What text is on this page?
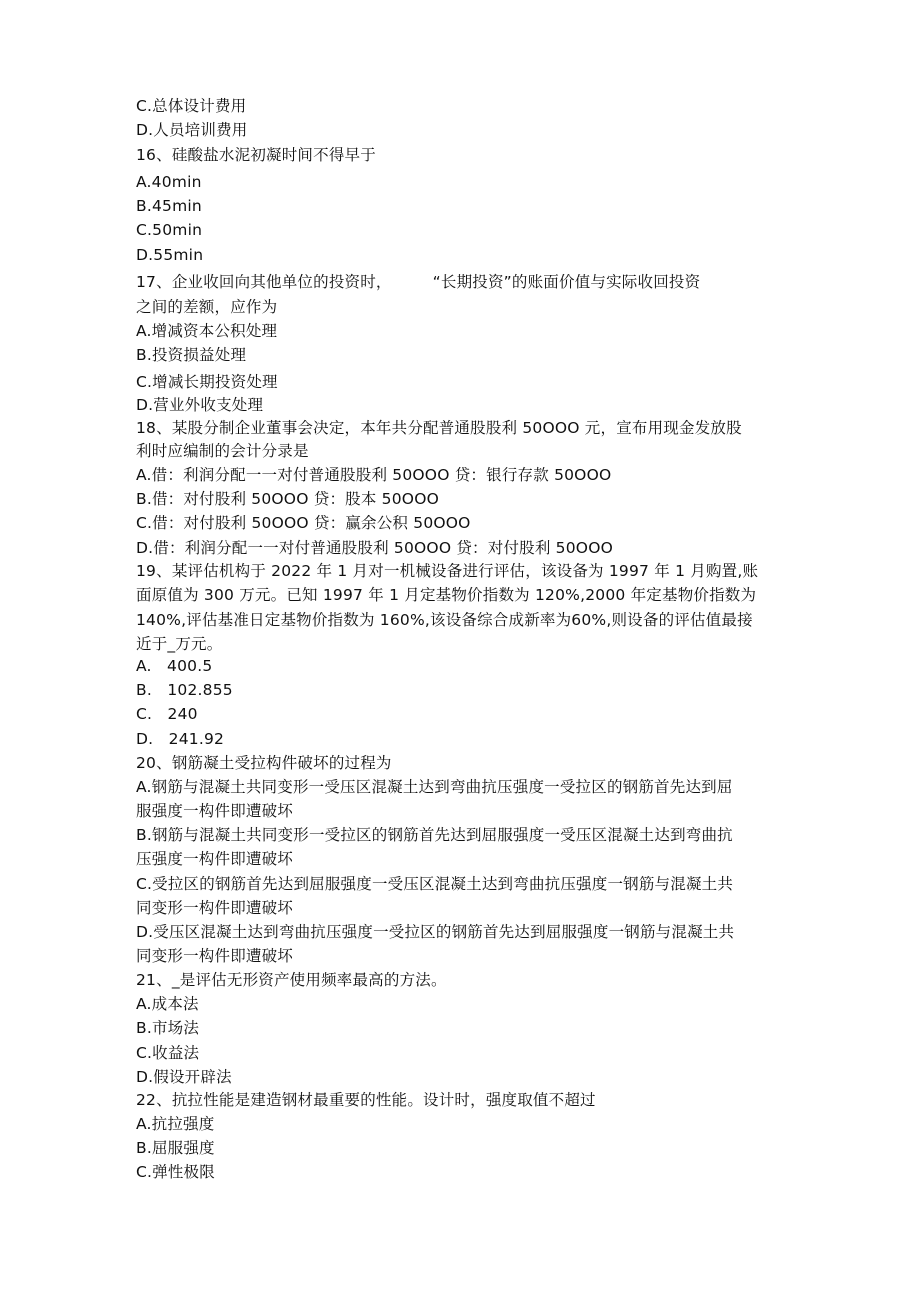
C.总体设计费用
D.人员培训费用
16、硅酸盐水泥初凝时间不得早于
A.40min
B.45min
C.50min
D.55min
17、企业收回向其他单位的投资时，        “长期投资”的账面价值与实际收回投资
之间的差额，应作为
A.增减资本公积处理
B.投资损益处理
C.增减长期投资处理
D.营业外收支处理
18、某股分制企业董事会决定，本年共分配普通股股利 50OOO 元，宣布用现金发放股
利时应编制的会计分录是
A.借：利润分配一一对付普通股股利 50OOO 贷：银行存款 50OOO
B.借：对付股利 50OOO 贷：股本 50OOO
C.借：对付股利 50OOO 贷：赢余公积 50OOO
D.借：利润分配一一对付普通股股利 50OOO 贷：对付股利 50OOO
19、某评估机构于 2022 年 1 月对一机械设备进行评估，该设备为 1997 年 1 月购置,账
面原值为 300 万元。已知 1997 年 1 月定基物价指数为 120%,2000 年定基物价指数为
140%,评估基准日定基物价指数为 160%,该设备综合成新率为60%,则设备的评估值最接
近于_万元。
A.   400.5
B.   102.855
C.   240
D.   241.92
20、钢筋凝土受拉构件破坏的过程为
A.钢筋与混凝土共同变形一受压区混凝土达到弯曲抗压强度一受拉区的钢筋首先达到屈
服强度一构件即遭破坏
B.钢筋与混凝土共同变形一受拉区的钢筋首先达到屈服强度一受压区混凝土达到弯曲抗
压强度一构件即遭破坏
C.受拉区的钢筋首先达到屈服强度一受压区混凝土达到弯曲抗压强度一钢筋与混凝土共
同变形一构件即遭破坏
D.受压区混凝土达到弯曲抗压强度一受拉区的钢筋首先达到屈服强度一钢筋与混凝土共
同变形一构件即遭破坏
21、_是评估无形资产使用频率最高的方法。
A.成本法
B.市场法
C.收益法
D.假设开辟法
22、抗拉性能是建造钢材最重要的性能。设计时，强度取值不超过
A.抗拉强度
B.屈服强度
C.弹性极限
